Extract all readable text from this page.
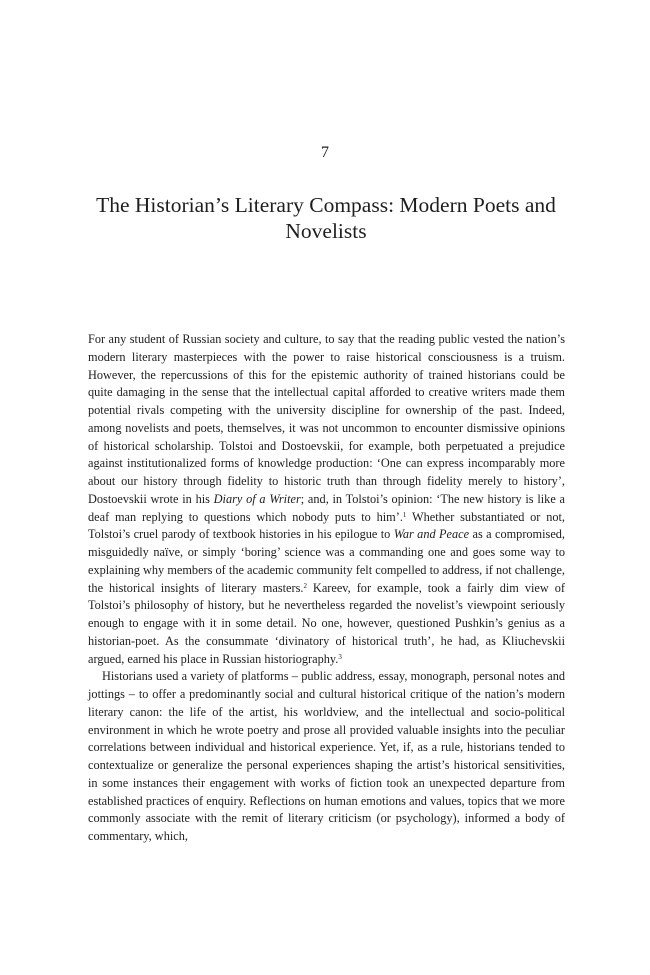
7
The Historian’s Literary Compass: Modern Poets and Novelists

For any student of Russian society and culture, to say that the reading public vested the nation’s modern literary masterpieces with the power to raise historical consciousness is a truism. However, the repercussions of this for the epistemic authority of trained historians could be quite damaging in the sense that the intellectual capital afforded to creative writers made them potential rivals competing with the university discipline for ownership of the past. Indeed, among novelists and poets, themselves, it was not uncommon to encounter dismissive opinions of historical scholarship. Tolstoi and Dostoevskii, for example, both perpetuated a prejudice against institutionalized forms of knowledge production: ‘One can express incomparably more about our history through fidelity to historic truth than through fidelity merely to history’, Dostoevskii wrote in his Diary of a Writer; and, in Tolstoi’s opinion: ‘The new history is like a deaf man replying to questions which nobody puts to him’.$^1$ Whether substantiated or not, Tolstoi’s cruel parody of textbook histories in his epilogue to War and Peace as a compromised, misguidedly naïve, or simply ‘boring’ science was a commanding one and goes some way to explaining why members of the academic community felt compelled to address, if not challenge, the historical insights of literary masters.$^2$ Kareev, for example, took a fairly dim view of Tolstoi’s philosophy of history, but he nevertheless regarded the novelist’s viewpoint seriously enough to engage with it in some detail. No one, however, questioned Pushkin’s genius as a historian-poet. As the consummate ‘divinatory of historical truth’, he had, as Kliuchevskii argued, earned his place in Russian historiography.$^3$

Historians used a variety of platforms – public address, essay, monograph, personal notes and jottings – to offer a predominantly social and cultural historical critique of the nation’s modern literary canon: the life of the artist, his worldview, and the intellectual and socio-political environment in which he wrote poetry and prose all provided valuable insights into the peculiar correlations between individual and historical experience. Yet, if, as a rule, historians tended to contextualize or generalize the personal experiences shaping the artist’s historical sensitivities, in some instances their engagement with works of fiction took an unexpected departure from established practices of enquiry. Reflections on human emotions and values, topics that we more commonly associate with the remit of literary criticism (or psychology), informed a body of commentary, which,
